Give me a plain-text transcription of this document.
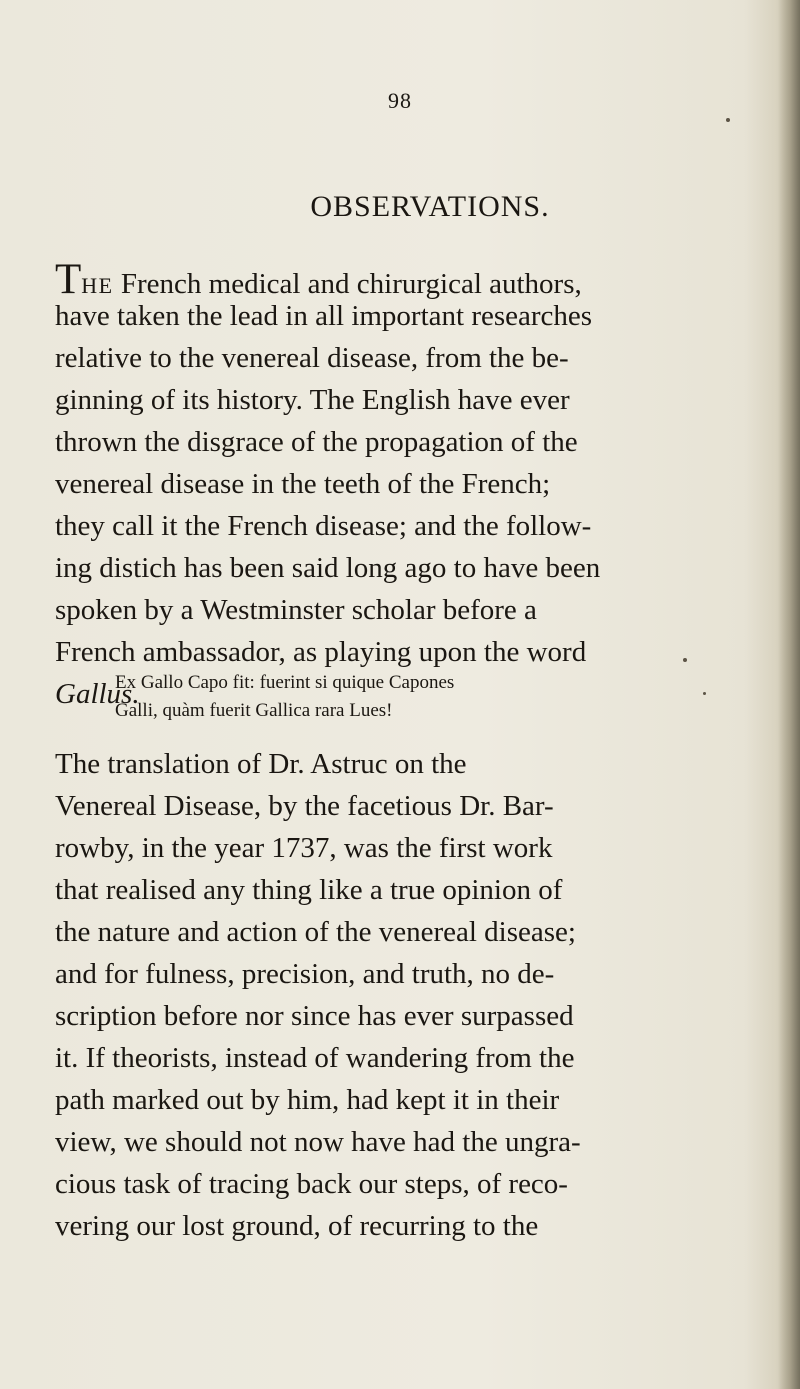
98
OBSERVATIONS.
THE French medical and chirurgical authors,
have taken the lead in all important researches
relative to the venereal disease, from the be-
ginning of its history. The English have ever
thrown the disgrace of the propagation of the
venereal disease in the teeth of the French;
they call it the French disease; and the follow-
ing distich has been said long ago to have been
spoken by a Westminster scholar before a
French ambassador, as playing upon the word
Gallus.
Ex Gallo Capo fit: fuerint si quique Capones
Galli, quàm fuerit Gallica rara Lues!
The translation of Dr. Astruc on the
Venereal Disease, by the facetious Dr. Bar-
rowby, in the year 1737, was the first work
that realised any thing like a true opinion of
the nature and action of the venereal disease;
and for fulness, precision, and truth, no de-
scription before nor since has ever surpassed
it. If theorists, instead of wandering from the
path marked out by him, had kept it in their
view, we should not now have had the ungra-
cious task of tracing back our steps, of reco-
vering our lost ground, of recurring to the
